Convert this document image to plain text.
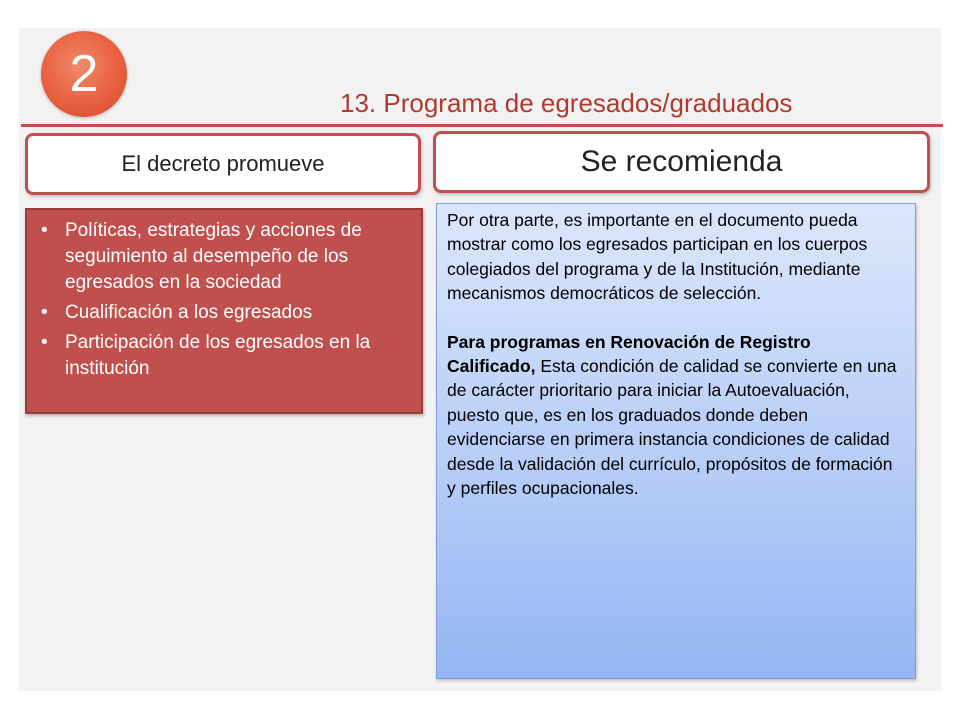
2	13. Programa de egresados/graduados
El decreto promueve	Se recomienda
• Políticas, estrategias y acciones de seguimiento al desempeño de los egresados en la sociedad
• Cualificación a los egresados
• Participación de los egresados en la institución

Por otra parte, es importante en el documento pueda mostrar como los egresados participan en los cuerpos colegiados del programa y de la Institución, mediante mecanismos democráticos de selección.

Para programas en Renovación de Registro Calificado, Esta condición de calidad se convierte en una de carácter prioritario para iniciar la Autoevaluación, puesto que, es en los graduados donde deben evidenciarse en primera instancia condiciones de calidad desde la validación del currículo, propósitos de formación y perfiles ocupacionales.
